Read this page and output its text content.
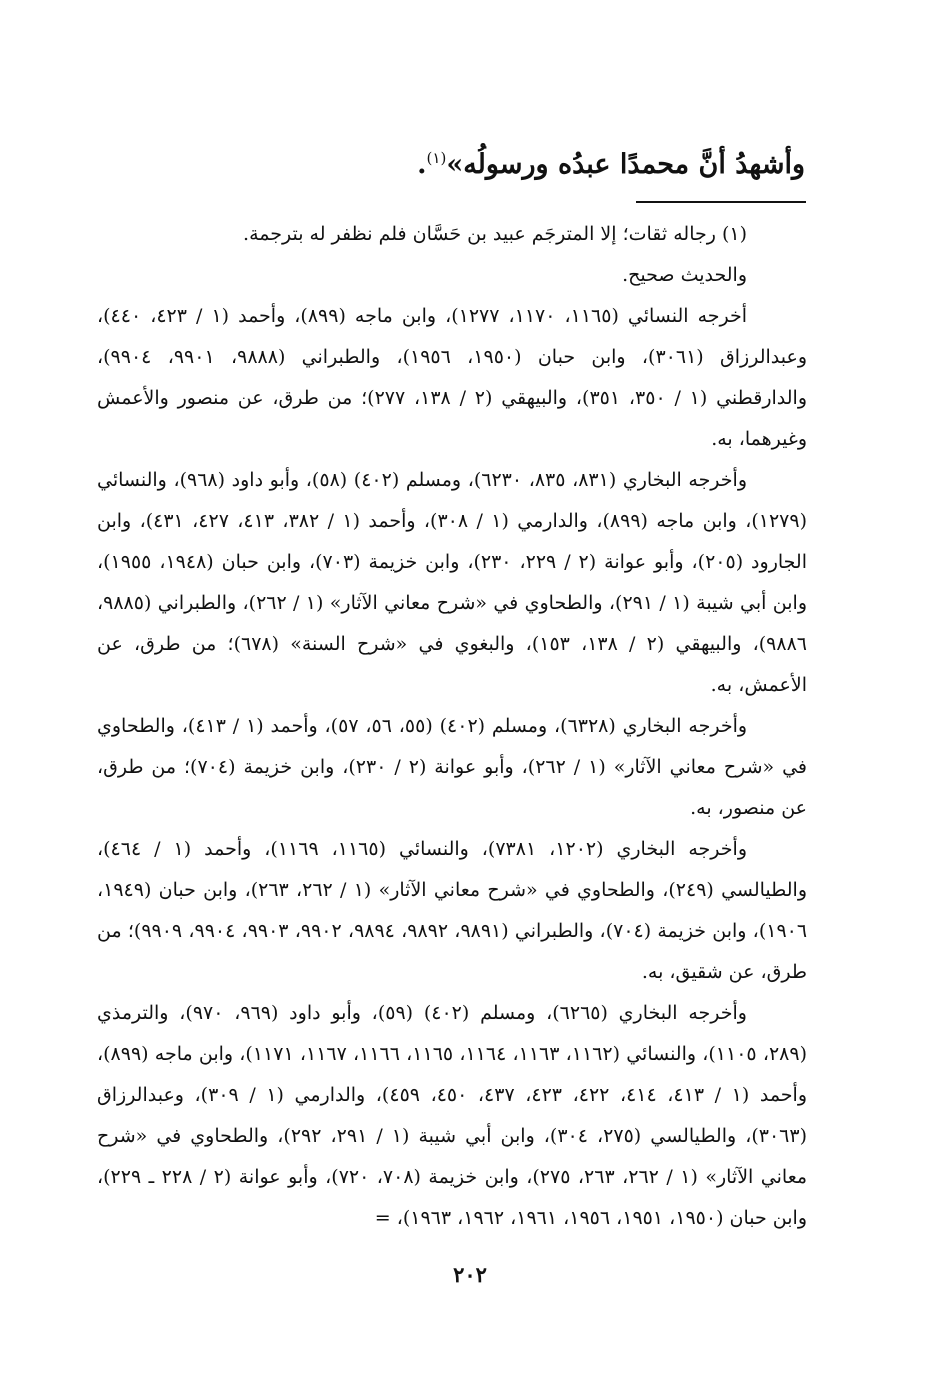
وأشهدُ أنَّ محمدًا عبدُه ورسولُه»$^{(١)}$.

(١) رجاله ثقات؛ إلا المترجَم عبيد بن حَسَّان فلم نظفر له بترجمة.

والحديث صحيح.

أخرجه النسائي (١١٦٥، ١١٧٠، ١٢٧٧)، وابن ماجه (٨٩٩)، وأحمد (١ / ٤٢٣، ٤٤٠)، وعبدالرزاق (٣٠٦١)، وابن حبان (١٩٥٠، ١٩٥٦)، والطبراني (٩٨٨٨، ٩٩٠١، ٩٩٠٤)، والدارقطني (١ / ٣٥٠، ٣٥١)، والبيهقي (٢ / ١٣٨، ٢٧٧)؛ من طرق، عن منصور والأعمش وغيرهما، به.

وأخرجه البخاري (٨٣١، ٨٣٥، ٦٢٣٠)، ومسلم (٤٠٢) (٥٨)، وأبو داود (٩٦٨)، والنسائي (١٢٧٩)، وابن ماجه (٨٩٩)، والدارمي (١ / ٣٠٨)، وأحمد (١ / ٣٨٢، ٤١٣، ٤٢٧، ٤٣١)، وابن الجارود (٢٠٥)، وأبو عوانة (٢ / ٢٢٩، ٢٣٠)، وابن خزيمة (٧٠٣)، وابن حبان (١٩٤٨، ١٩٥٥)، وابن أبي شيبة (١ / ٢٩١)، والطحاوي في «شرح معاني الآثار» (١ / ٢٦٢)، والطبراني (٩٨٨٥، ٩٨٨٦)، والبيهقي (٢ / ١٣٨، ١٥٣)، والبغوي في «شرح السنة» (٦٧٨)؛ من طرق، عن الأعمش، به.

وأخرجه البخاري (٦٣٢٨)، ومسلم (٤٠٢) (٥٥، ٥٦، ٥٧)، وأحمد (١ / ٤١٣)، والطحاوي في «شرح معاني الآثار» (١ / ٢٦٢)، وأبو عوانة (٢ / ٢٣٠)، وابن خزيمة (٧٠٤)؛ من طرق، عن منصور، به.

وأخرجه البخاري (١٢٠٢، ٧٣٨١)، والنسائي (١١٦٥، ١١٦٩)، وأحمد (١ / ٤٦٤)، والطيالسي (٢٤٩)، والطحاوي في «شرح معاني الآثار» (١ / ٢٦٢، ٢٦٣)، وابن حبان (١٩٤٩، ١٩٠٦)، وابن خزيمة (٧٠٤)، والطبراني (٩٨٩١، ٩٨٩٢، ٩٨٩٤، ٩٩٠٢، ٩٩٠٣، ٩٩٠٤، ٩٩٠٩)؛ من طرق، عن شقيق، به.

وأخرجه البخاري (٦٢٦٥)، ومسلم (٤٠٢) (٥٩)، وأبو داود (٩٦٩، ٩٧٠)، والترمذي (٢٨٩، ١١٠٥)، والنسائي (١١٦٢، ١١٦٣، ١١٦٤، ١١٦٥، ١١٦٦، ١١٦٧، ١١٧١)، وابن ماجه (٨٩٩)، وأحمد (١ / ٤١٣، ٤١٤، ٤٢٢، ٤٢٣، ٤٣٧، ٤٥٠، ٤٥٩)، والدارمي (١ / ٣٠٩)، وعبدالرزاق (٣٠٦٣)، والطيالسي (٢٧٥، ٣٠٤)، وابن أبي شيبة (١ / ٢٩١، ٢٩٢)، والطحاوي في «شرح معاني الآثار» (١ / ٢٦٢، ٢٦٣، ٢٧٥)، وابن خزيمة (٧٠٨، ٧٢٠)، وأبو عوانة (٢ / ٢٢٨ ـ ٢٢٩)، وابن حبان (١٩٥٠، ١٩٥١، ١٩٥٦، ١٩٦١، ١٩٦٢، ١٩٦٣)، =

٢٠٢
